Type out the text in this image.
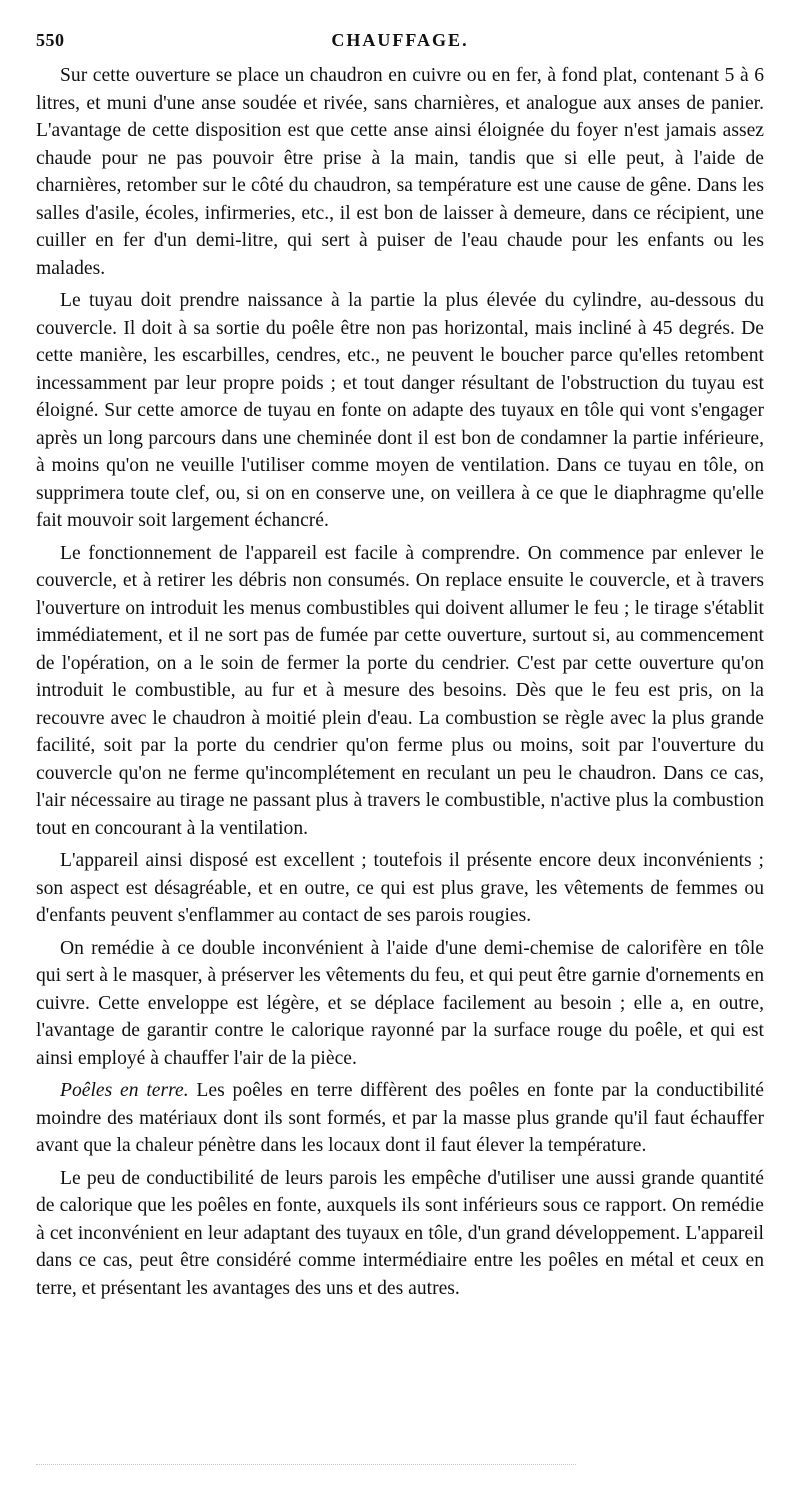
550	CHAUFFAGE.

Sur cette ouverture se place un chaudron en cuivre ou en fer, à fond plat, contenant 5 à 6 litres, et muni d'une anse soudée et rivée, sans charnières, et analogue aux anses de panier. L'avantage de cette disposition est que cette anse ainsi éloignée du foyer n'est jamais assez chaude pour ne pas pouvoir être prise à la main, tandis que si elle peut, à l'aide de charnières, retomber sur le côté du chaudron, sa température est une cause de gêne. Dans les salles d'asile, écoles, infirmeries, etc., il est bon de laisser à demeure, dans ce récipient, une cuiller en fer d'un demi-litre, qui sert à puiser de l'eau chaude pour les enfants ou les malades.

Le tuyau doit prendre naissance à la partie la plus élevée du cylindre, au-dessous du couvercle. Il doit à sa sortie du poêle être non pas horizontal, mais incliné à 45 degrés. De cette manière, les escarbilles, cendres, etc., ne peuvent le boucher parce qu'elles retombent incessamment par leur propre poids ; et tout danger résultant de l'obstruction du tuyau est éloigné. Sur cette amorce de tuyau en fonte on adapte des tuyaux en tôle qui vont s'engager après un long parcours dans une cheminée dont il est bon de condamner la partie inférieure, à moins qu'on ne veuille l'utiliser comme moyen de ventilation. Dans ce tuyau en tôle, on supprimera toute clef, ou, si on en conserve une, on veillera à ce que le diaphragme qu'elle fait mouvoir soit largement échancré.

Le fonctionnement de l'appareil est facile à comprendre. On commence par enlever le couvercle, et à retirer les débris non consumés. On replace ensuite le couvercle, et à travers l'ouverture on introduit les menus combustibles qui doivent allumer le feu ; le tirage s'établit immédiatement, et il ne sort pas de fumée par cette ouverture, surtout si, au commencement de l'opération, on a le soin de fermer la porte du cendrier. C'est par cette ouverture qu'on introduit le combustible, au fur et à mesure des besoins. Dès que le feu est pris, on la recouvre avec le chaudron à moitié plein d'eau. La combustion se règle avec la plus grande facilité, soit par la porte du cendrier qu'on ferme plus ou moins, soit par l'ouverture du couvercle qu'on ne ferme qu'incomplétement en reculant un peu le chaudron. Dans ce cas, l'air nécessaire au tirage ne passant plus à travers le combustible, n'active plus la combustion tout en concourant à la ventilation.

L'appareil ainsi disposé est excellent ; toutefois il présente encore deux inconvénients ; son aspect est désagréable, et en outre, ce qui est plus grave, les vêtements de femmes ou d'enfants peuvent s'enflammer au contact de ses parois rougies.

On remédie à ce double inconvénient à l'aide d'une demi-chemise de calorifère en tôle qui sert à le masquer, à préserver les vêtements du feu, et qui peut être garnie d'ornements en cuivre. Cette enveloppe est légère, et se déplace facilement au besoin ; elle a, en outre, l'avantage de garantir contre le calorique rayonné par la surface rouge du poêle, et qui est ainsi employé à chauffer l'air de la pièce.

Poêles en terre. Les poêles en terre diffèrent des poêles en fonte par la conductibilité moindre des matériaux dont ils sont formés, et par la masse plus grande qu'il faut échauffer avant que la chaleur pénètre dans les locaux dont il faut élever la température.

Le peu de conductibilité de leurs parois les empêche d'utiliser une aussi grande quantité de calorique que les poêles en fonte, auxquels ils sont inférieurs sous ce rapport. On remédie à cet inconvénient en leur adaptant des tuyaux en tôle, d'un grand développement. L'appareil dans ce cas, peut être considéré comme intermédiaire entre les poêles en métal et ceux en terre, et présentant les avantages des uns et des autres.
